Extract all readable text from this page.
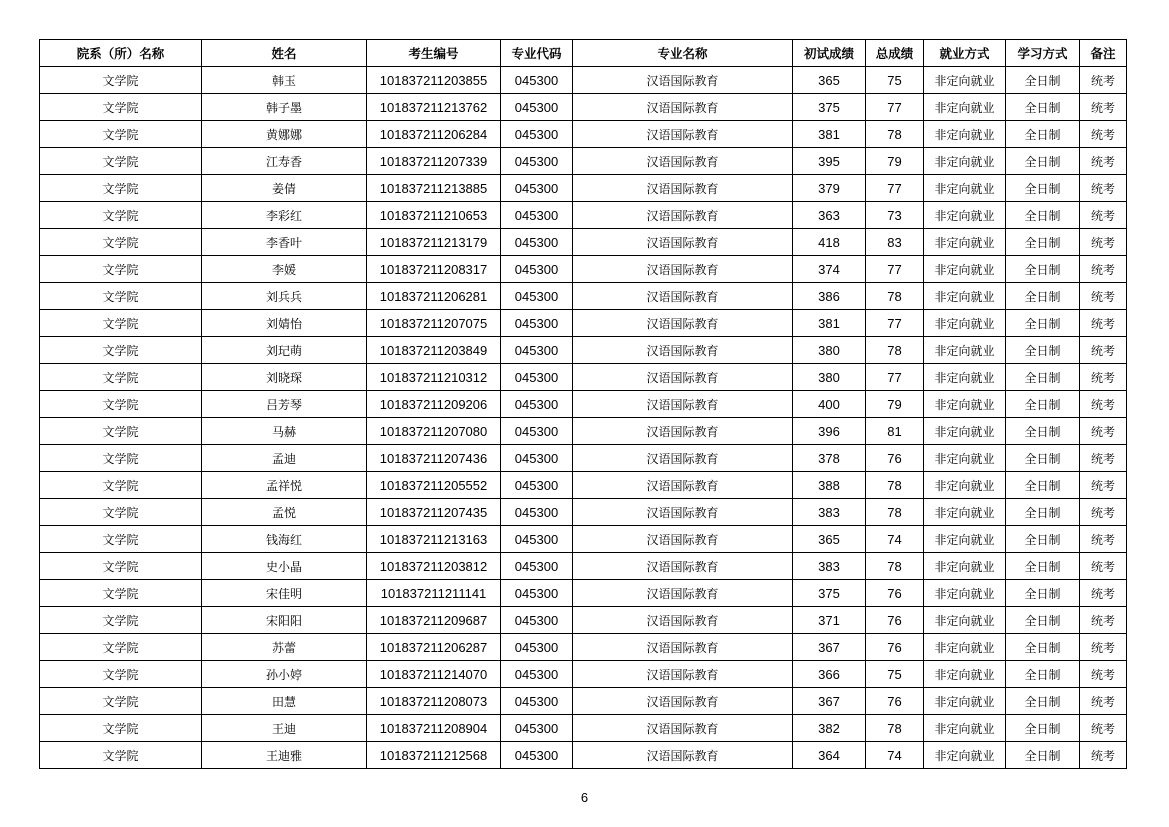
院系（所）名称	姓名	考生编号	专业代码	专业名称	初试成绩	总成绩	就业方式	学习方式	备注
文学院	韩玉	101837211203855	045300	汉语国际教育	365	75	非定向就业	全日制	统考
文学院	韩子墨	101837211213762	045300	汉语国际教育	375	77	非定向就业	全日制	统考
文学院	黄娜娜	101837211206284	045300	汉语国际教育	381	78	非定向就业	全日制	统考
文学院	江寿香	101837211207339	045300	汉语国际教育	395	79	非定向就业	全日制	统考
文学院	姜倩	101837211213885	045300	汉语国际教育	379	77	非定向就业	全日制	统考
文学院	李彩红	101837211210653	045300	汉语国际教育	363	73	非定向就业	全日制	统考
文学院	李香叶	101837211213179	045300	汉语国际教育	418	83	非定向就业	全日制	统考
文学院	李媛	101837211208317	045300	汉语国际教育	374	77	非定向就业	全日制	统考
文学院	刘兵兵	101837211206281	045300	汉语国际教育	386	78	非定向就业	全日制	统考
文学院	刘婧怡	101837211207075	045300	汉语国际教育	381	77	非定向就业	全日制	统考
文学院	刘玘萌	101837211203849	045300	汉语国际教育	380	78	非定向就业	全日制	统考
文学院	刘晓琛	101837211210312	045300	汉语国际教育	380	77	非定向就业	全日制	统考
文学院	吕芳琴	101837211209206	045300	汉语国际教育	400	79	非定向就业	全日制	统考
文学院	马赫	101837211207080	045300	汉语国际教育	396	81	非定向就业	全日制	统考
文学院	孟迪	101837211207436	045300	汉语国际教育	378	76	非定向就业	全日制	统考
文学院	孟祥悦	101837211205552	045300	汉语国际教育	388	78	非定向就业	全日制	统考
文学院	孟悦	101837211207435	045300	汉语国际教育	383	78	非定向就业	全日制	统考
文学院	钱海红	101837211213163	045300	汉语国际教育	365	74	非定向就业	全日制	统考
文学院	史小晶	101837211203812	045300	汉语国际教育	383	78	非定向就业	全日制	统考
文学院	宋佳明	101837211211141	045300	汉语国际教育	375	76	非定向就业	全日制	统考
文学院	宋阳阳	101837211209687	045300	汉语国际教育	371	76	非定向就业	全日制	统考
文学院	苏蕾	101837211206287	045300	汉语国际教育	367	76	非定向就业	全日制	统考
文学院	孙小婷	101837211214070	045300	汉语国际教育	366	75	非定向就业	全日制	统考
文学院	田慧	101837211208073	045300	汉语国际教育	367	76	非定向就业	全日制	统考
文学院	王迪	101837211208904	045300	汉语国际教育	382	78	非定向就业	全日制	统考
文学院	王迪雅	101837211212568	045300	汉语国际教育	364	74	非定向就业	全日制	统考
6
